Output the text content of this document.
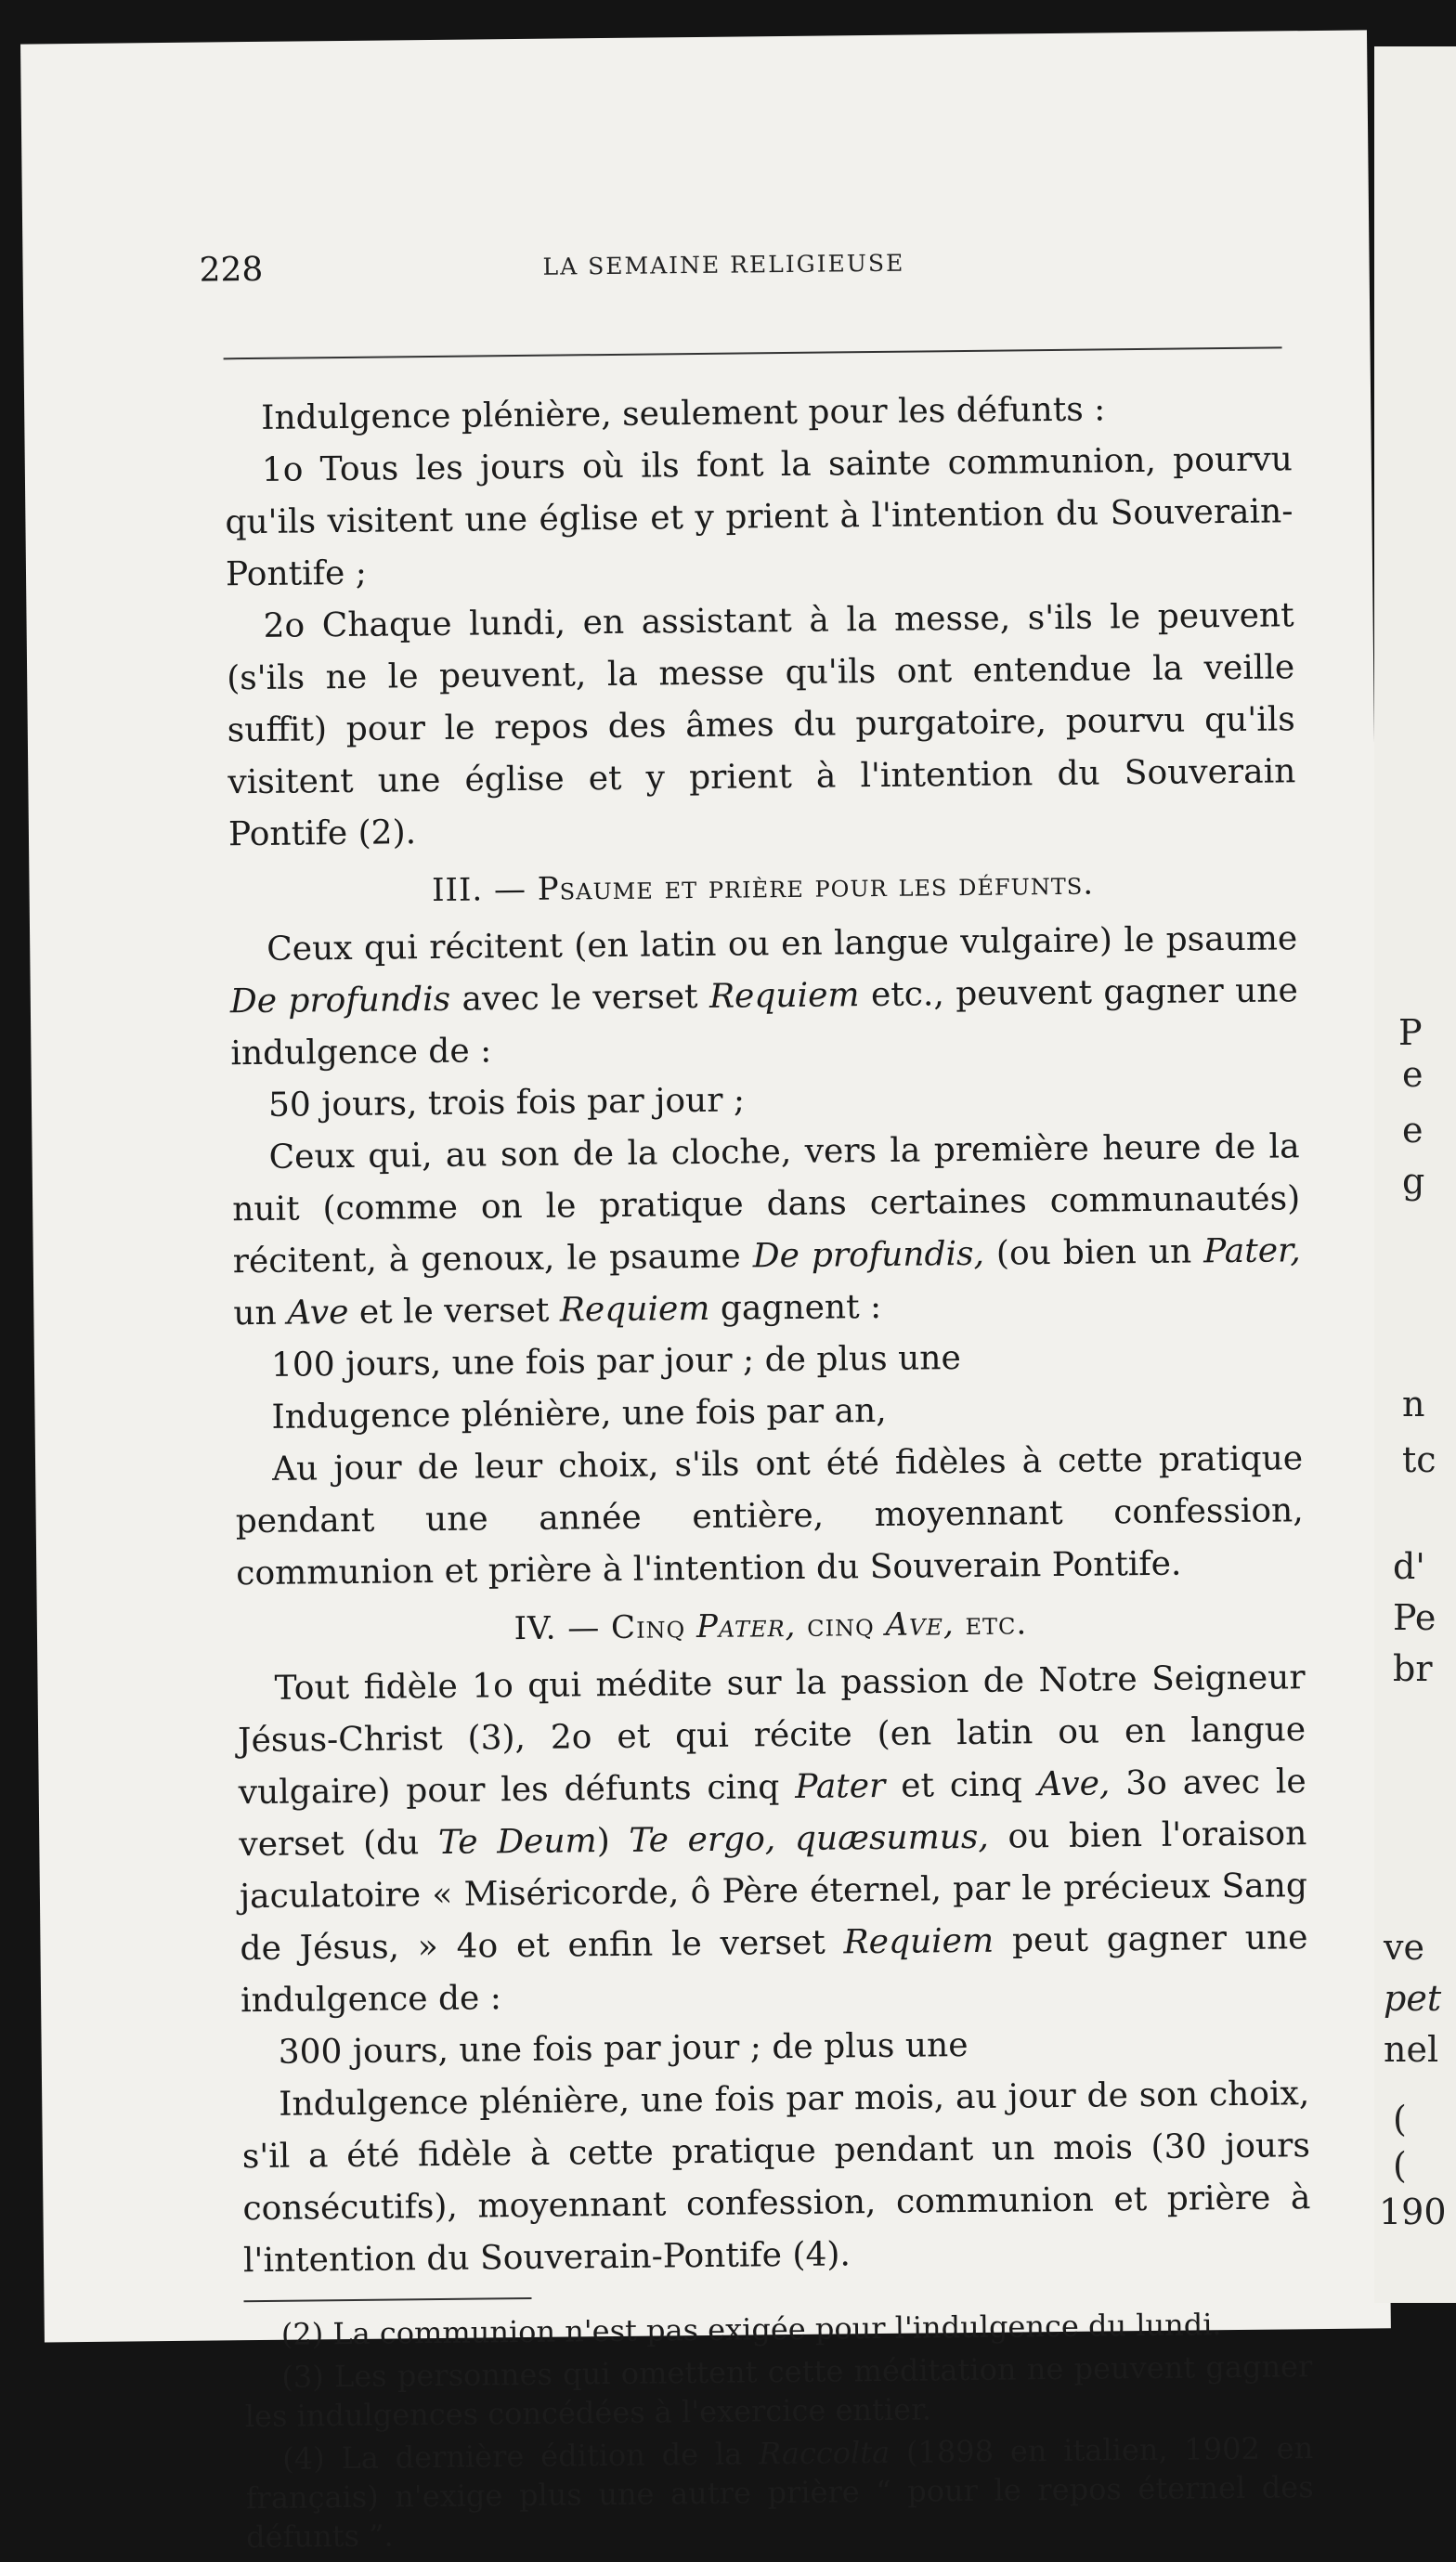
228	LA SEMAINE RELIGIEUSE

Indulgence plénière, seulement pour les défunts :

1o Tous les jours où ils font la sainte communion, pourvu qu'ils visitent une église et y prient à l'intention du Souverain-Pontife ;

2o Chaque lundi, en assistant à la messe, s'ils le peuvent (s'ils ne le peuvent, la messe qu'ils ont entendue la veille suffit) pour le repos des âmes du purgatoire, pourvu qu'ils visitent une église et y prient à l'intention du Souverain Pontife (2).

III. — Psaume et prière pour les défunts.

Ceux qui récitent (en latin ou en langue vulgaire) le psaume De profundis avec le verset Requiem etc., peuvent gagner une indulgence de :

50 jours, trois fois par jour ;

Ceux qui, au son de la cloche, vers la première heure de la nuit (comme on le pratique dans certaines communautés) récitent, à genoux, le psaume De profundis, (ou bien un Pater, un Ave et le verset Requiem gagnent :

100 jours, une fois par jour ; de plus une

Indugence plénière, une fois par an,

Au jour de leur choix, s'ils ont été fidèles à cette pratique pendant une année entière, moyennant confession, communion et prière à l'intention du Souverain Pontife.

IV. — Cinq Pater, cinq Ave, etc.

Tout fidèle 1o qui médite sur la passion de Notre Seigneur Jésus-Christ (3), 2o et qui récite (en latin ou en langue vulgaire) pour les défunts cinq Pater et cinq Ave, 3o avec le verset (du Te Deum) Te ergo, quæsumus, ou bien l'oraison jaculatoire « Miséricorde, ô Père éternel, par le précieux Sang de Jésus, » 4o et enfin le verset Requiem peut gagner une indulgence de :

300 jours, une fois par jour ; de plus une

Indulgence plénière, une fois par mois, au jour de son choix, s'il a été fidèle à cette pratique pendant un mois (30 jours consécutifs), moyennant confession, communion et prière à l'intention du Souverain-Pontife (4).

(2) La communion n'est pas exigée pour l'indulgence du lundi.

(3) Les personnes qui omettent cette méditation ne peuvent gagner les indulgences concédées à l'exercice entier.

(4) La dernière édition de la Raccolta (1898 en italien, 1902 en français) n'exige plus une autre prière “ pour le repos éternel des défunts ”.

P
e
e
g
n
tc
d'
Pe
br
ve
pet
nel
(
(
190
